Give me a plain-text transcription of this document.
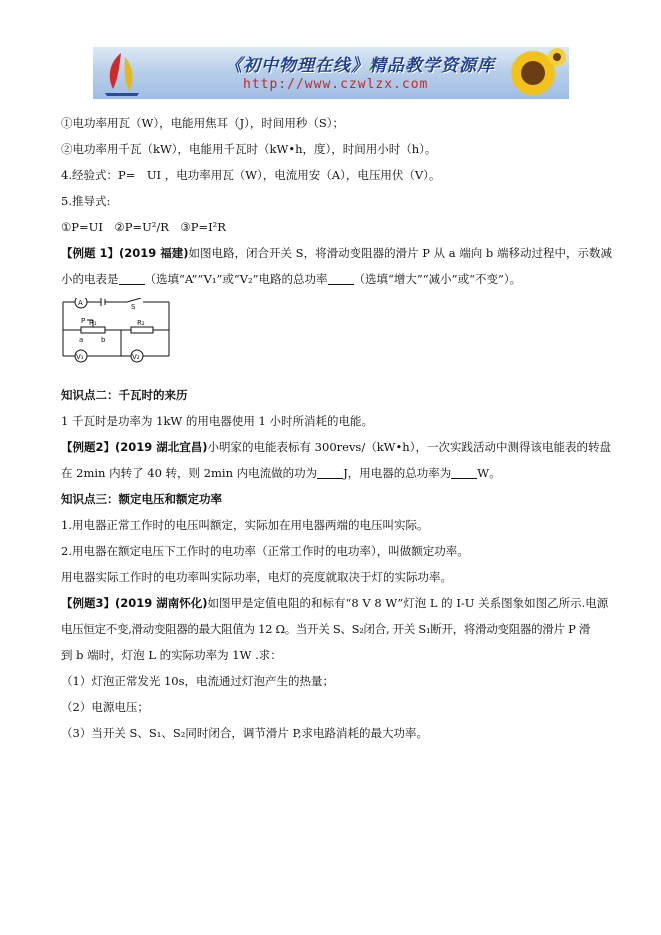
《初中物理在线》精品教学资源库
http://www.czwlzx.com
①电功率用瓦（W），电能用焦耳（J），时间用秒（S）；
②电功率用千瓦（kW），电能用千瓦时（kW•h，度），时间用小时（h）。
4.经验式：P=　UI ，电功率用瓦（W），电流用安（A），电压用伏（V）。
5.推导式:
①P=UI　②P=U²/R　③P=I²R
【例题 1】(2019 福建)如图电路，闭合开关 S，将滑动变阻器的滑片 P 从 a 端向 b 端移动过程中，示数减
小的电表是 （选填“A”“V₁”或“V₂”电路的总功率 （选填“增大”“减小”或“不变”）。
A	S
R₁	R₂
P
a	b
V₁	V₂
知识点二：千瓦时的来历
1 千瓦时是功率为 1kW 的用电器使用 1 小时所消耗的电能。
【例题2】(2019 湖北宜昌)小明家的电能表标有 300revs/（kW•h），一次实践活动中测得该电能表的转盘
在 2min 内转了 40 转，则 2min 内电流做的功为 J，用电器的总功率为 W。
知识点三：额定电压和额定功率
1.用电器正常工作时的电压叫额定，实际加在用电器两端的电压叫实际。
2.用电器在额定电压下工作时的电功率（正常工作时的电功率），叫做额定功率。
用电器实际工作时的电功率叫实际功率，电灯的亮度就取决于灯的实际功率。
【例题3】(2019 湖南怀化)如图甲是定值电阻的和标有“8 V 8 W”灯泡 L 的 I-U 关系图象如图乙所示.电源
电压恒定不变,滑动变阻器的最大阻值为 12 Ω。当开关 S、S₂闭合, 开关 S₁断开，将滑动变阻器的滑片 P 滑
到 b 端时，灯泡 L 的实际功率为 1W .求：
（1）灯泡正常发光 10s，电流通过灯泡产生的热量；
（2）电源电压；
（3）当开关 S、S₁、S₂同时闭合，调节滑片 P,求电路消耗的最大功率。
